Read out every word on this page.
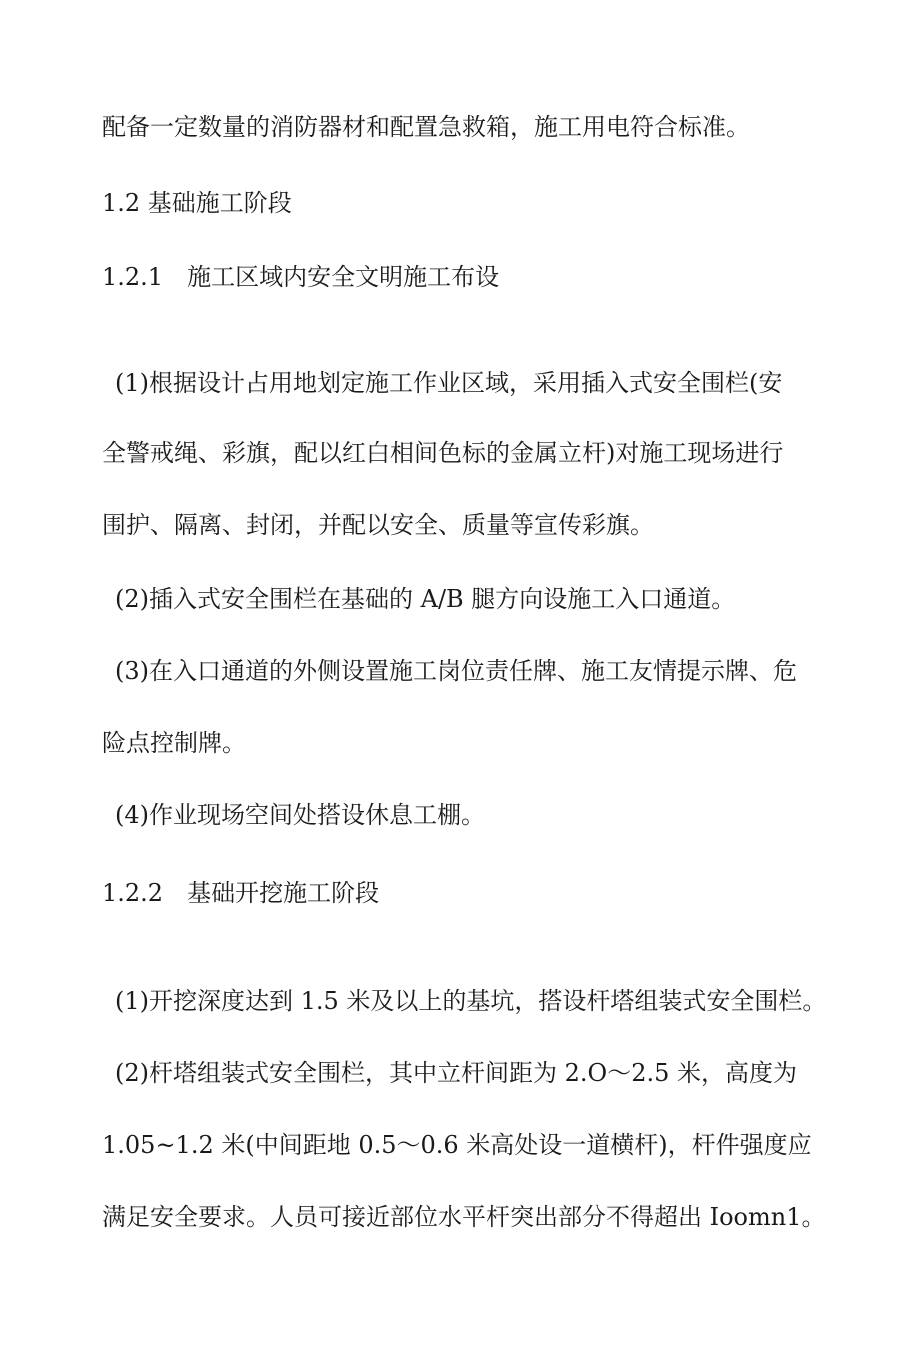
配备一定数量的消防器材和配置急救箱，施工用电符合标准。
1.2 基础施工阶段
1.2.1　施工区域内安全文明施工布设
(1)根据设计占用地划定施工作业区域，采用插入式安全围栏(安
全警戒绳、彩旗，配以红白相间色标的金属立杆)对施工现场进行
围护、隔离、封闭，并配以安全、质量等宣传彩旗。
(2)插入式安全围栏在基础的 A/B 腿方向设施工入口通道。
(3)在入口通道的外侧设置施工岗位责任牌、施工友情提示牌、危
险点控制牌。
(4)作业现场空间处搭设休息工棚。
1.2.2　基础开挖施工阶段
(1)开挖深度达到 1.5 米及以上的基坑，搭设杆塔组装式安全围栏。
(2)杆塔组装式安全围栏，其中立杆间距为 2.O～2.5 米，高度为
1.05~1.2 米(中间距地 0.5～0.6 米高处设一道横杆)，杆件强度应
满足安全要求。人员可接近部位水平杆突出部分不得超出 Ioomn1。
